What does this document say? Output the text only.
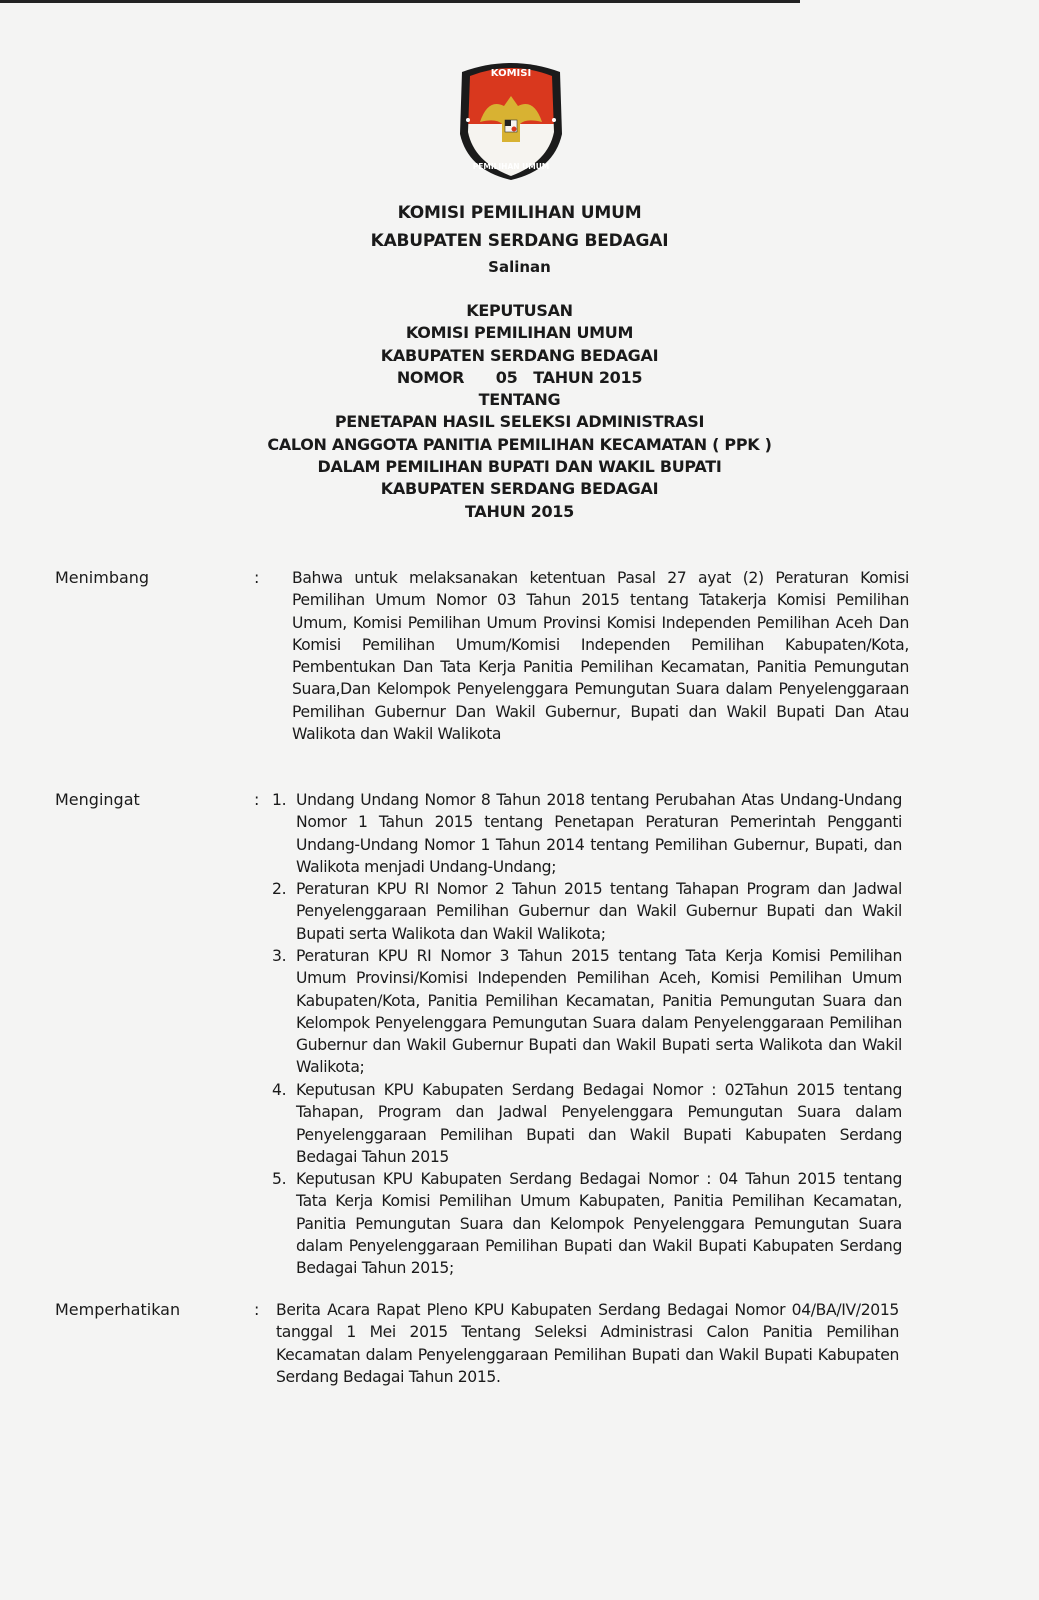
KOMISI
PEMILIHAN UMUM
KOMISI PEMILIHAN UMUM
KABUPATEN SERDANG BEDAGAI
Salinan
KEPUTUSAN
KOMISI PEMILIHAN UMUM
KABUPATEN SERDANG BEDAGAI
NOMOR      05   TAHUN 2015
TENTANG
PENETAPAN HASIL SELEKSI ADMINISTRASI
CALON ANGGOTA PANITIA PEMILIHAN KECAMATAN ( PPK )
DALAM PEMILIHAN BUPATI DAN WAKIL BUPATI
KABUPATEN SERDANG BEDAGAI
TAHUN 2015
Menimbang	: Bahwa untuk melaksanakan ketentuan Pasal 27 ayat (2) Peraturan Komisi Pemilihan Umum Nomor 03 Tahun 2015 tentang Tatakerja Komisi Pemilihan Umum, Komisi Pemilihan Umum Provinsi Komisi Independen Pemilihan Aceh Dan Komisi Pemilihan Umum/Komisi Independen Pemilihan Kabupaten/Kota, Pembentukan Dan Tata Kerja Panitia Pemilihan Kecamatan, Panitia Pemungutan Suara,Dan Kelompok Penyelenggara Pemungutan Suara dalam Penyelenggaraan Pemilihan Gubernur Dan Wakil Gubernur, Bupati dan Wakil Bupati Dan Atau Walikota dan Wakil Walikota
Mengingat	: 1. Undang Undang Nomor 8 Tahun 2018 tentang Perubahan Atas Undang-Undang Nomor 1 Tahun 2015 tentang Penetapan Peraturan Pemerintah Pengganti Undang-Undang Nomor 1 Tahun 2014 tentang Pemilihan Gubernur, Bupati, dan Walikota menjadi Undang-Undang;
2. Peraturan KPU RI Nomor 2 Tahun 2015 tentang Tahapan Program dan Jadwal Penyelenggaraan Pemilihan Gubernur dan Wakil Gubernur Bupati dan Wakil Bupati serta Walikota dan Wakil Walikota;
3. Peraturan KPU RI Nomor 3 Tahun 2015 tentang Tata Kerja Komisi Pemilihan Umum Provinsi/Komisi Independen Pemilihan Aceh, Komisi Pemilihan Umum Kabupaten/Kota, Panitia Pemilihan Kecamatan, Panitia Pemungutan Suara dan Kelompok Penyelenggara Pemungutan Suara dalam Penyelenggaraan Pemilihan Gubernur dan Wakil Gubernur Bupati dan Wakil Bupati serta Walikota dan Wakil Walikota;
4. Keputusan KPU Kabupaten Serdang Bedagai Nomor : 02Tahun 2015 tentang Tahapan, Program dan Jadwal Penyelenggara Pemungutan Suara dalam Penyelenggaraan Pemilihan Bupati dan Wakil Bupati Kabupaten Serdang Bedagai Tahun 2015
5. Keputusan KPU Kabupaten Serdang Bedagai Nomor : 04 Tahun 2015 tentang Tata Kerja Komisi Pemilihan Umum Kabupaten, Panitia Pemilihan Kecamatan, Panitia Pemungutan Suara dan Kelompok Penyelenggara Pemungutan Suara dalam Penyelenggaraan Pemilihan Bupati dan Wakil Bupati Kabupaten Serdang Bedagai Tahun 2015;
Memperhatikan	: Berita Acara Rapat Pleno KPU Kabupaten Serdang Bedagai Nomor 04/BA/IV/2015 tanggal 1 Mei 2015 Tentang Seleksi Administrasi Calon Panitia Pemilihan Kecamatan dalam Penyelenggaraan Pemilihan Bupati dan Wakil Bupati Kabupaten Serdang Bedagai Tahun 2015.
